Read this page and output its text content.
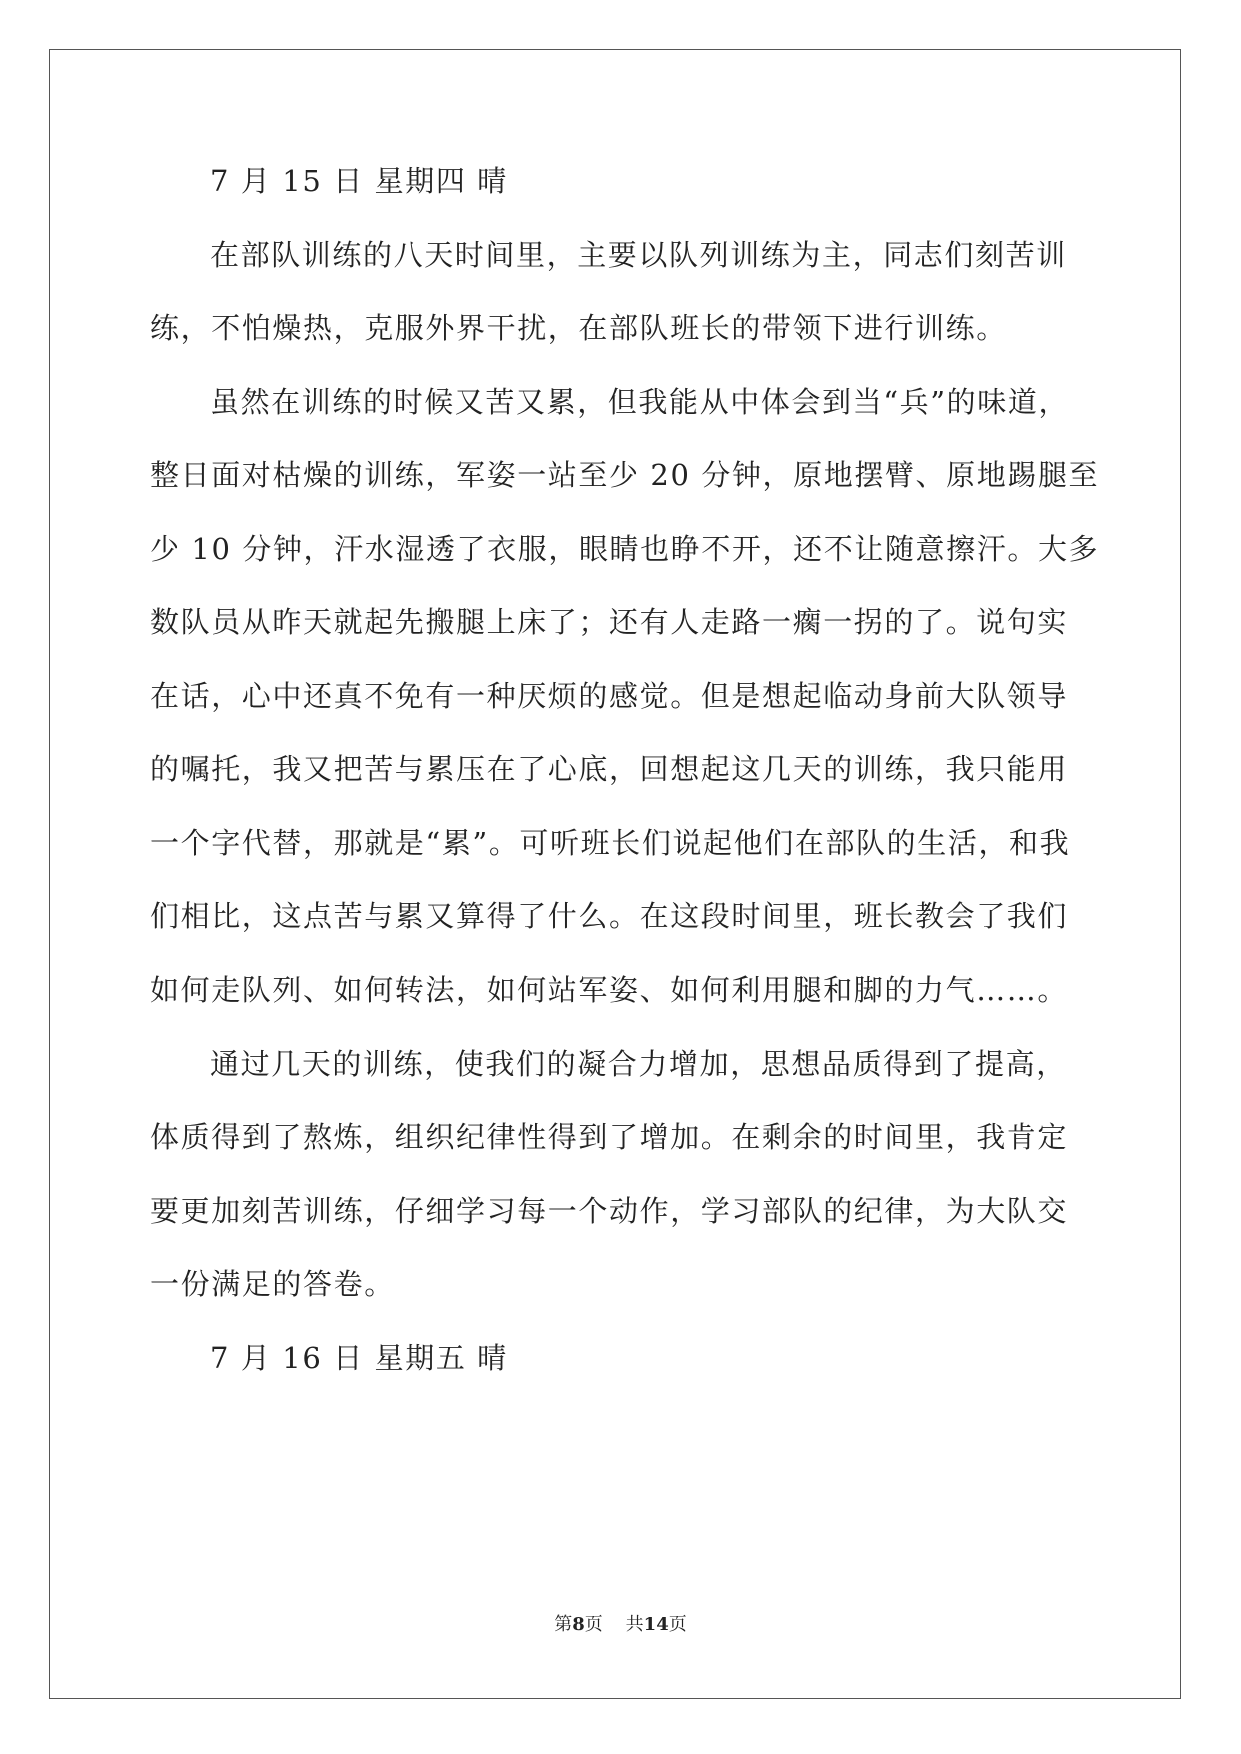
7 月 15 日 星期四 晴
在部队训练的八天时间里，主要以队列训练为主，同志们刻苦训
练，不怕燥热，克服外界干扰，在部队班长的带领下进行训练。
虽然在训练的时候又苦又累，但我能从中体会到当“兵”的味道，
整日面对枯燥的训练，军姿一站至少 20 分钟，原地摆臂、原地踢腿至
少 10 分钟，汗水湿透了衣服，眼睛也睁不开，还不让随意擦汗。大多
数队员从昨天就起先搬腿上床了；还有人走路一瘸一拐的了。说句实
在话，心中还真不免有一种厌烦的感觉。但是想起临动身前大队领导
的嘱托，我又把苦与累压在了心底，回想起这几天的训练，我只能用
一个字代替，那就是“累”。可听班长们说起他们在部队的生活，和我
们相比，这点苦与累又算得了什么。在这段时间里，班长教会了我们
如何走队列、如何转法，如何站军姿、如何利用腿和脚的力气……。
通过几天的训练，使我们的凝合力增加，思想品质得到了提高，
体质得到了熬炼，组织纪律性得到了增加。在剩余的时间里，我肯定
要更加刻苦训练，仔细学习每一个动作，学习部队的纪律，为大队交
一份满足的答卷。
7 月 16 日 星期五 晴
第8页 共14页
